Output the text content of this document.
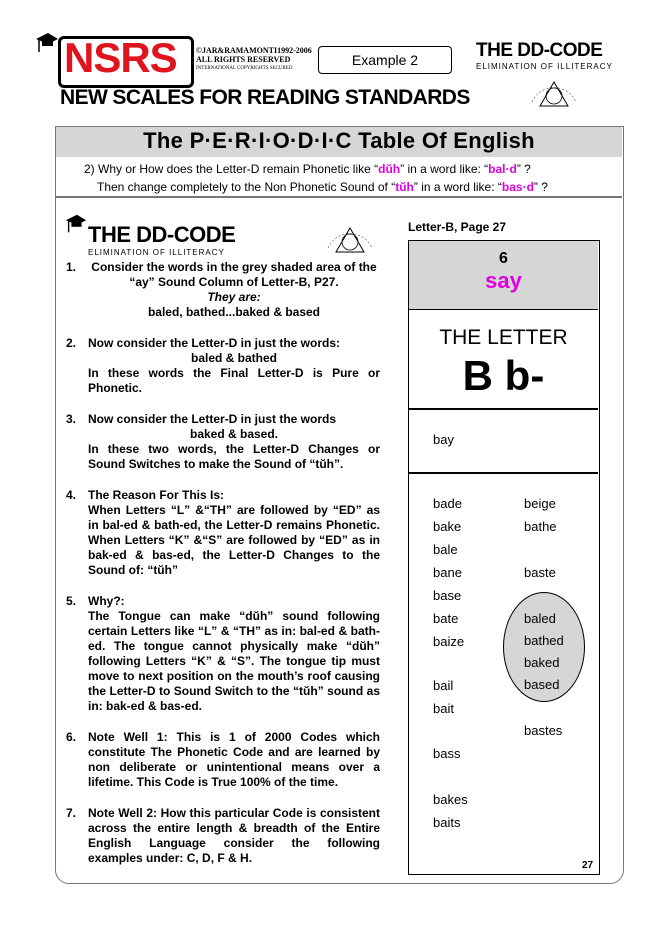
NSRS ©JAR&RAMAMONTI1992-2006
ALL RIGHTS RESERVED
INTERNATIONAL COPYRIGHTS SECURED
Example 2	THE DD-CODE
ELIMINATION OF ILLITERACY
NEW SCALES FOR READING STANDARDS
The P·E·R·I·O·D·I·C Table Of English
2) Why or How does the Letter-D remain Phonetic like “dŭh” in a word like: “bal·d” ?
Then change completely to the Non Phonetic Sound of “tŭh” in a word like: “bas·d” ?
THE DD-CODE
ELIMINATION OF ILLITERACY
1. Consider the words in the grey shaded area of the “ay” Sound Column of Letter-B, P27.
They are:
baled, bathed...baked & based
2. Now consider the Letter-D in just the words:
baled & bathed
In these words the Final Letter-D is Pure or Phonetic.
3. Now consider the Letter-D in just the words
baked & based.
In these two words, the Letter-D Changes or Sound Switches to make the Sound of “tŭh”.
4. The Reason For This Is:
When Letters “L” &“TH” are followed by “ED” as in bal-ed & bath-ed, the Letter-D remains Phonetic. When Letters “K” &“S” are followed by “ED” as in bak-ed & bas-ed, the Letter-D Changes to the Sound of: “tŭh”
5. Why?:
The Tongue can make “dŭh” sound following certain Letters like “L” & “TH” as in: bal-ed & bath-ed. The tongue cannot physically make “dŭh” following Letters “K” & “S”. The tongue tip must move to next position on the mouth’s roof causing the Letter-D to Sound Switch to the “tŭh” sound as in: bak-ed & bas-ed.
6. Note Well 1: This is 1 of 2000 Codes which constitute The Phonetic Code and are learned by non deliberate or unintentional means over a lifetime. This Code is True 100% of the time.
7. Note Well 2: How this particular Code is consistent across the entire length & breadth of the Entire English Language consider the following examples under: C, D, F & H.
Letter-B, Page 27
6
say
THE LETTER
B b-
bay
bade
bake
bale
bane
base
bate
baize
bail
bait
bass
bakes
baits
beige
bathe
baste
baled
bathed
baked
based
bastes
27
